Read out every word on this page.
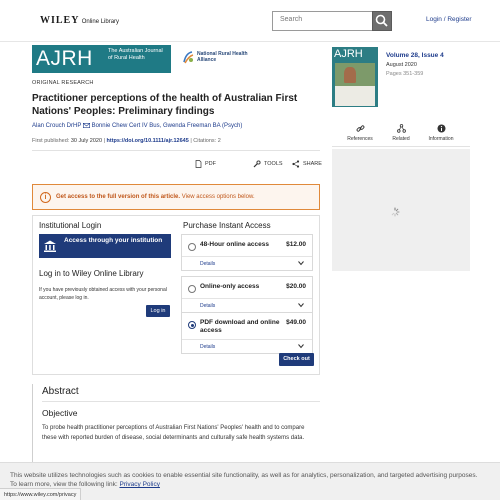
WILEY Online Library	Search	Login / Register
AJRH	The Australian Journal of Rural Health
National Rural Health Alliance
ORIGINAL RESEARCH
Practitioner perceptions of the health of Australian First Nations' Peoples: Preliminary findings
Alan Crouch DrHP Bonnie Chew Cert IV Bus, Gwenda Freeman BA (Psych)
First published: 30 July 2020 | https://doi.org/10.1111/ajr.12645 | Citations: 2
PDF	TOOLS	SHARE
i	Get access to the full version of this article. View access options below.
Institutional Login
Access through your institution
Log in to Wiley Online Library
If you have previously obtained access with your personal account, please log in.
Log in
Purchase Instant Access
48-Hour online access	$12.00
Details
Online-only access	$20.00
Details
PDF download and online access
$49.00
Details
Check out
Abstract
Objective
To probe health practitioner perceptions of Australian First Nations' Peoples' health and to compare these with reported burden of disease, social determinants and culturally safe health systems data.
AJRH	Volume 28, Issue 4
August 2020
Pages 351-359
References	Related	Information
This website utilizes technologies such as cookies to enable essential site functionality, as well as for analytics, personalization, and targeted advertising purposes.
To learn more, view the following link: Privacy Policy
https://www.wiley.com/privacy
